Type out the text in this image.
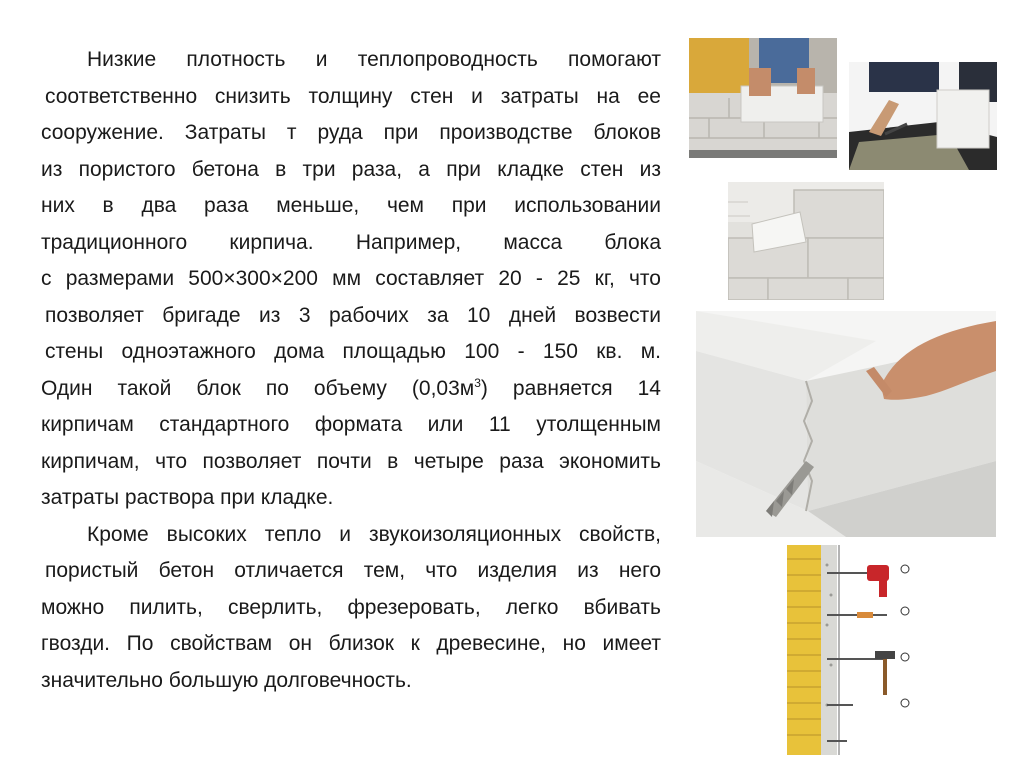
Низкие плотность и теплопроводность помогают
соответственно снизить толщину стен и затраты на ее
сооружение. Затраты т руда при производстве блоков
из пористого бетона в три раза, а при кладке стен из
них в два раза меньше, чем при использовании
традиционного кирпича. Например, масса блока
с размерами 500×300×200 мм составляет 20 - 25 кг, что
позволяет бригаде из 3 рабочих за 10 дней возвести
стены одноэтажного дома площадью 100 - 150 кв. м.
Один такой блок по объему $(0,03м^3)$ равняется 14
кирпичам стандартного формата или 11 утолщенным
кирпичам, что позволяет почти в четыре раза экономить
затраты раствора при кладке.
Кроме высоких тепло и звукоизоляционных свойств,
пористый бетон отличается тем, что изделия из него
можно пилить, сверлить, фрезеровать, легко вбивать
гвозди. По свойствам он близок к древесине, но имеет
значительно большую долговечность.
